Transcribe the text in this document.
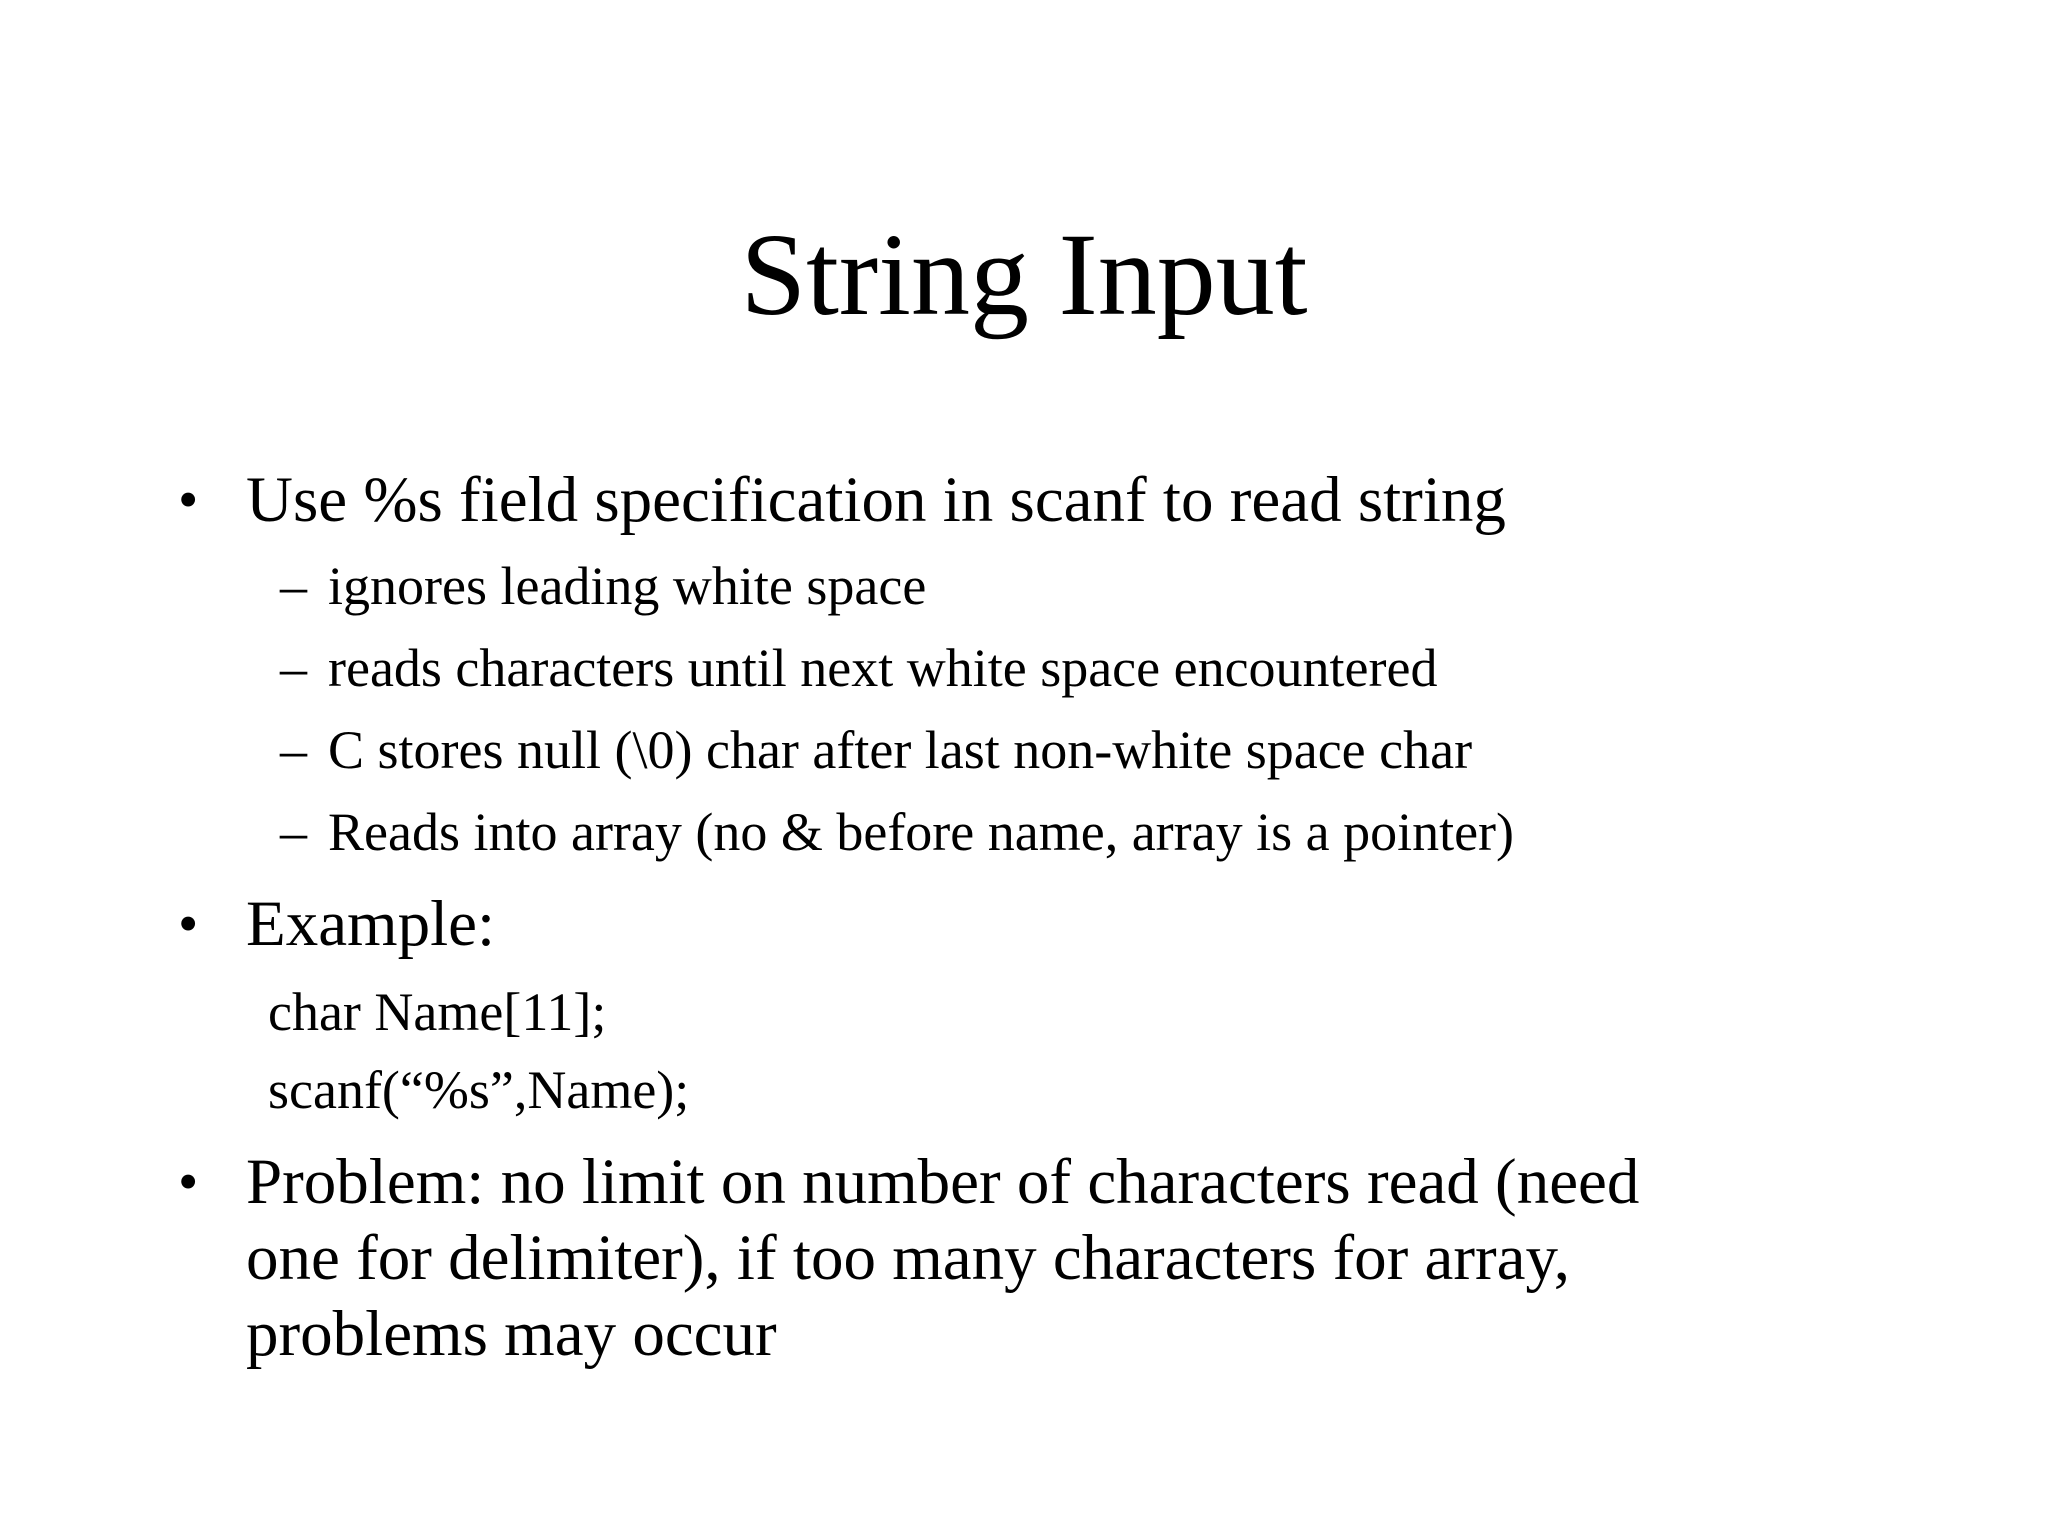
String Input
• Use %s field specification in scanf to read string
– ignores leading white space
– reads characters until next white space encountered
– C stores null (\0) char after last non-white space char
– Reads into array (no & before name, array is a pointer)
• Example:
char Name[11];
scanf(“%s”,Name);
• Problem: no limit on number of characters read (need
one for delimiter), if too many characters for array,
problems may occur
